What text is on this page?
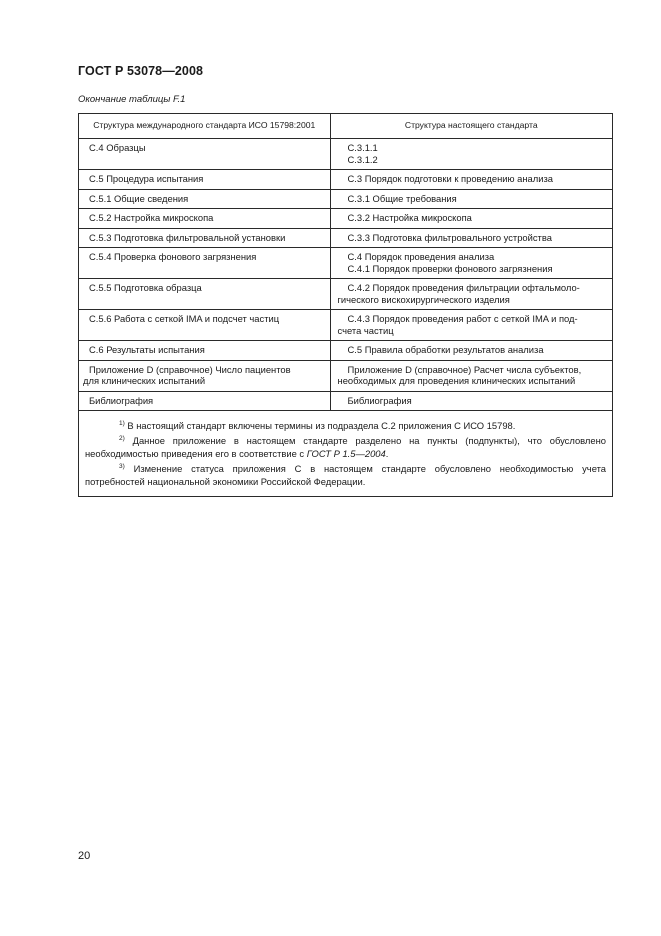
ГОСТ Р 53078—2008
Окончание таблицы F.1
Структура международного стандарта ИСО 15798:2001	Структура настоящего стандарта
С.4 Образцы	С.3.1.1
С.3.1.2

С.5 Процедура испытания	С.3 Порядок подготовки к проведению анализа

С.5.1 Общие сведения	С.3.1 Общие требования

С.5.2 Настройка микроскопа	С.3.2 Настройка микроскопа

С.5.3 Подготовка фильтровальной установки	С.3.3 Подготовка фильтровального устройства

С.5.4 Проверка фонового загрязнения	С.4 Порядок проведения анализа
С.4.1 Порядок проверки фонового загрязнения

С.5.5 Подготовка образца	С.4.2 Порядок проведения фильтрации офтальмоло-
гического вискохирургического изделия

С.5.6 Работа с сеткой IMA и подсчет частиц	С.4.3 Порядок проведения работ с сеткой IMA и под-
счета частиц

С.6 Результаты испытания	С.5 Правила обработки результатов анализа

Приложение D (справочное) Число пациентов
для клинических испытаний	Приложение D (справочное) Расчет числа субъектов,
необходимых для проведения клинических испытаний

Библиография	Библиография

$^{1)}$ В настоящий стандарт включены термины из подраздела С.2 приложения С ИСО 15798.

$^{2)}$ Данное приложение в настоящем стандарте разделено на пункты (подпункты), что обусловлено необходимостью приведения его в соответствие с ГОСТ Р 1.5—2004.

$^{3)}$ Изменение статуса приложения С в настоящем стандарте обусловлено необходимостью учета потребностей национальной экономики Российской Федерации.	

20
